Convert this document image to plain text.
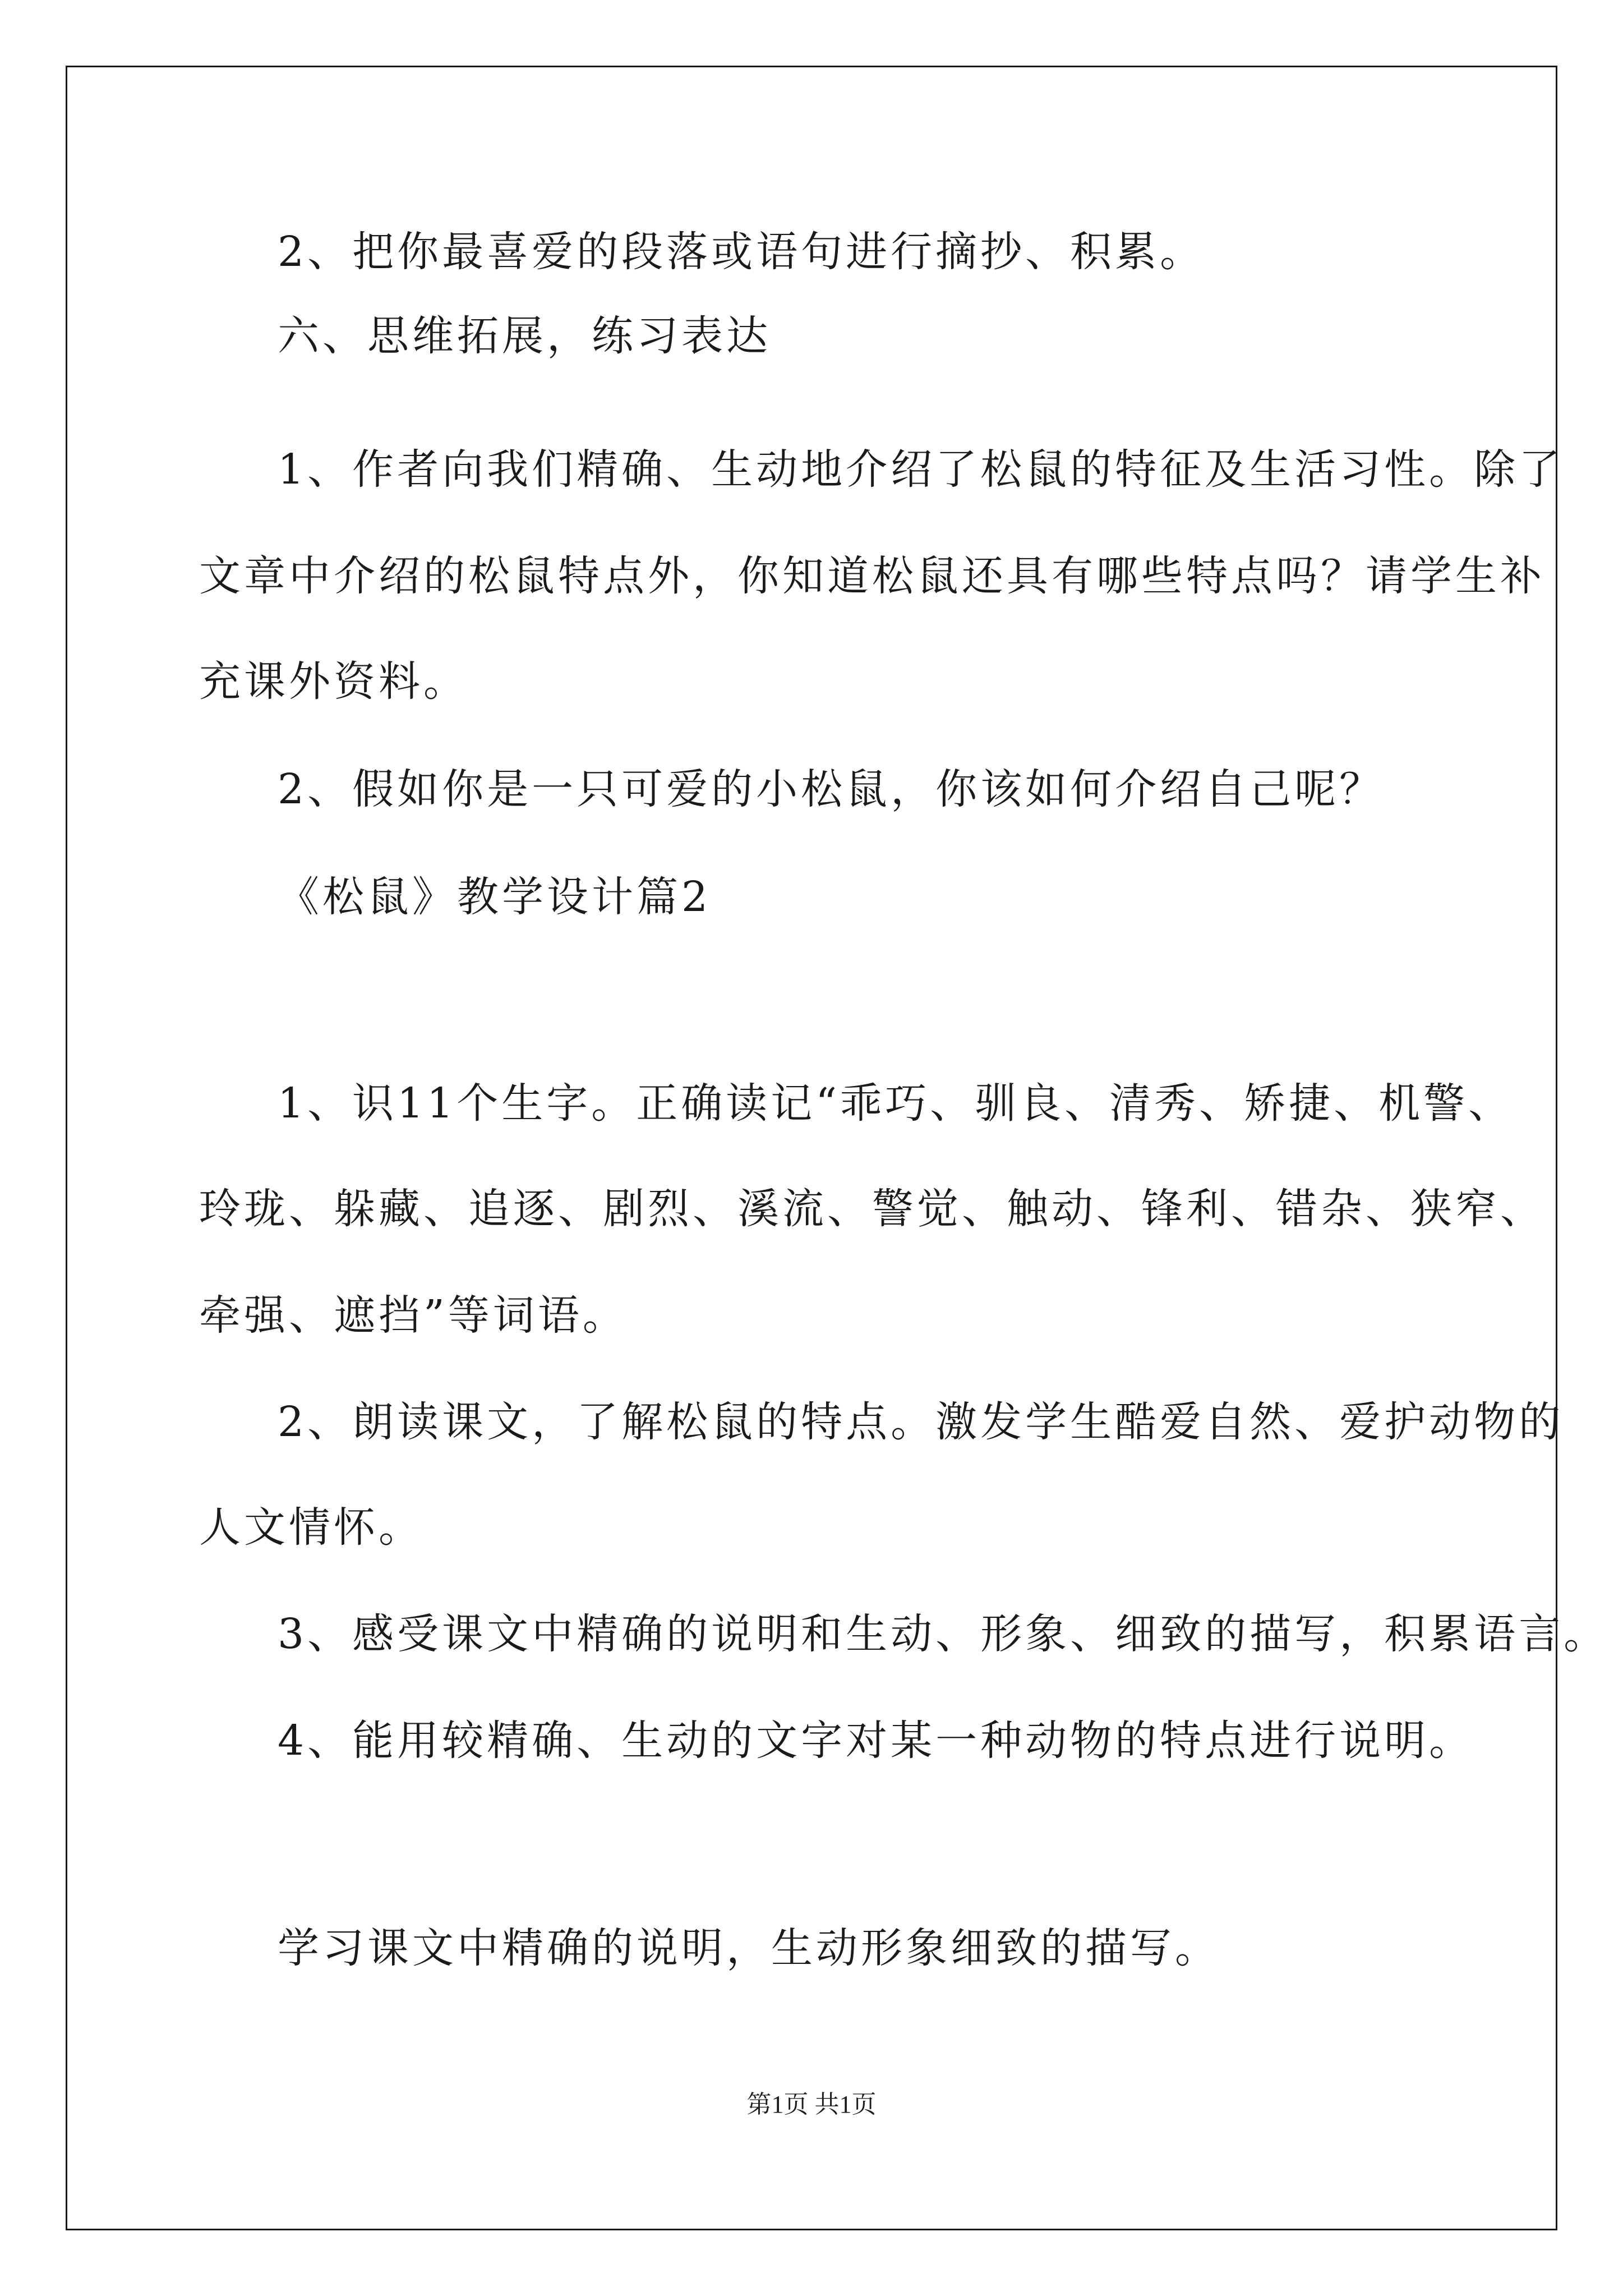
2、把你最喜爱的段落或语句进行摘抄、积累。
六、思维拓展，练习表达
1、作者向我们精确、生动地介绍了松鼠的特征及生活习性。除了
文章中介绍的松鼠特点外，你知道松鼠还具有哪些特点吗？请学生补
充课外资料。
2、假如你是一只可爱的小松鼠，你该如何介绍自己呢？
《松鼠》教学设计篇2
1、识11个生字。正确读记“乖巧、驯良、清秀、矫捷、机警、
玲珑、躲藏、追逐、剧烈、溪流、警觉、触动、锋利、错杂、狭窄、
牵强、遮挡”等词语。
2、朗读课文，了解松鼠的特点。激发学生酷爱自然、爱护动物的
人文情怀。
3、感受课文中精确的说明和生动、形象、细致的描写，积累语言。
4、能用较精确、生动的文字对某一种动物的特点进行说明。
学习课文中精确的说明，生动形象细致的描写。
第1页 共1页
